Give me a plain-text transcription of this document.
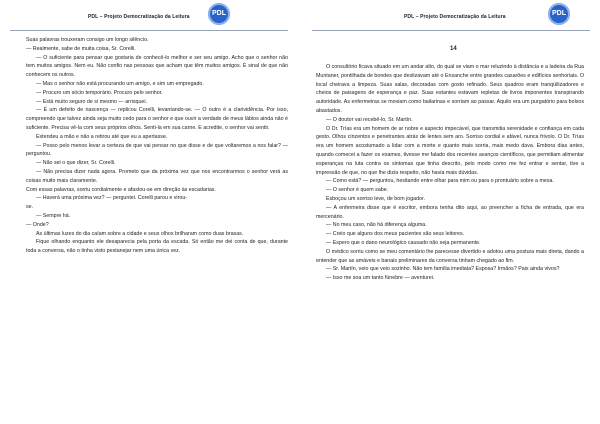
PDL – Projeto Democratização da Leitura	PDL

Suas palavras trouxeram consigo um longo silêncio.

— Realmente, sabe de muita coisa, Sr. Corelli.

— O suficiente para pensar que gostaria de conhecê-lo melhor e ser seu amigo. Acho que o senhor não tem muitos amigos. Nem eu. Não confio nas pessoas que acham que têm muitos amigos. É sinal de que não conhecem os outros.

— Mas o senhor não está procurando um amigo, e sim um empregado.

— Procuro um sócio temporário. Procuro pelo senhor.

— Está muito seguro de si mesmo — arrisquei.

— É um defeito de nascença — replicou Corelli, levantando-se. — O outro é a clarividência. Por isso, compreendo que talvez ainda seja muito cedo para o senhor e que ouvir a verdade de meus lábios ainda não é suficiente. Precisa vê-la com seus próprios olhos. Senti-la em sua carne. E acredite, o senhor vai sentir.

Estendeu a mão e não a retirou até que eu a apertasse.

— Posso pelo menos levar a certeza de que vai pensar no que disse e de que voltaremos a nos falar? — perguntou.

— Não sei o que dizer, Sr. Corelli.

— Não precisa dizer nada agora. Prometo que da próxima vez que nos encontrarmos o senhor verá as coisas muito mais claramente.

Com essas palavras, sorriu cordialmente e afastou-se em direção às escadarias.

— Haverá uma próxima vez? — perguntei. Corelli parou e virou-

se.

— Sempre há.

— Onde?

As últimas luzes do dia caíam sobre a cidade e seus olhos brilharam como duas brasas.

Fique olhando enquanto ele desaparecia pela porta da escada. Só então me dei conta de que, durante toda a conversa, não o tinha visto pestanejar nem uma única vez.

PDL – Projeto Democratização da Leitura	PDL
14

O consultório ficava situado em um andar alto, do qual se viam o mar reluzindo à distância e a ladeira da Rua Muntaner, pontilhada de bondes que deslizavam até o Ensanche entre grandes casarões e edifícios senhoriais. O local cheirava a limpeza. Suas salas, decoradas com gosto refinado. Seus quadros eram tranqüilizadores e cheios de paisagens de esperança e paz. Suas estantes estavam repletas de livros imponentes transpirando autoridade. As enfermeiras se moviam como bailarinas e sorriam ao passar. Aquilo era um purgatório para bolsos abastados.

— O doutor vai recebê-lo, Sr. Martín.

O Dr. Trías era um homem de ar nobre e aspecto impecável, que transmitia serenidade e confiança em cada gesto. Olhos cinzentos e penetrantes atrás de lentes sem aro. Sorriso cordial e afável, nunca frívolo. O Dr. Trías era um homem acostumado a lidar com a morte e quanto mais sorria, mais medo dava. Embora dias antes, quando comecei a fazer os exames, tivesse me falado dos recentes avanços científicos, que permitiam alimentar esperanças na luta contra os sintomas que tinha descrito, pelo modo como me fez entrar e sentar, tive a impressão de que, no que lhe dizia respeito, não havia mais dúvidas.

— Como está? — perguntou, hesitando entre olhar para mim ou para o prontuário sobre a mesa.

— O senhor é quem sabe.

Esboçou um sorriso leve, de bom jogador.

— A enfermeira disse que é escritor, embora tenha dito aqui, ao preencher a ficha de entrada, que era mercenário.

— No meu caso, não há diferença alguma.

— Creio que alguns dos meus pacientes são seus leitores.

— Espero que o dano neurológico causado não seja permanente.

O médico sorriu como se meu comentário lhe parecesse divertido e adotou uma postura mais direta, dando a entender que as amáveis e banais preliminares da conversa tinham chegado ao fim.

— Sr. Martín, veio que veio sozinho. Não tem família imediata? Esposa? Irmãos? Pais ainda vivos?

— Isso me soa um tanto fúnebre — aventurei.
